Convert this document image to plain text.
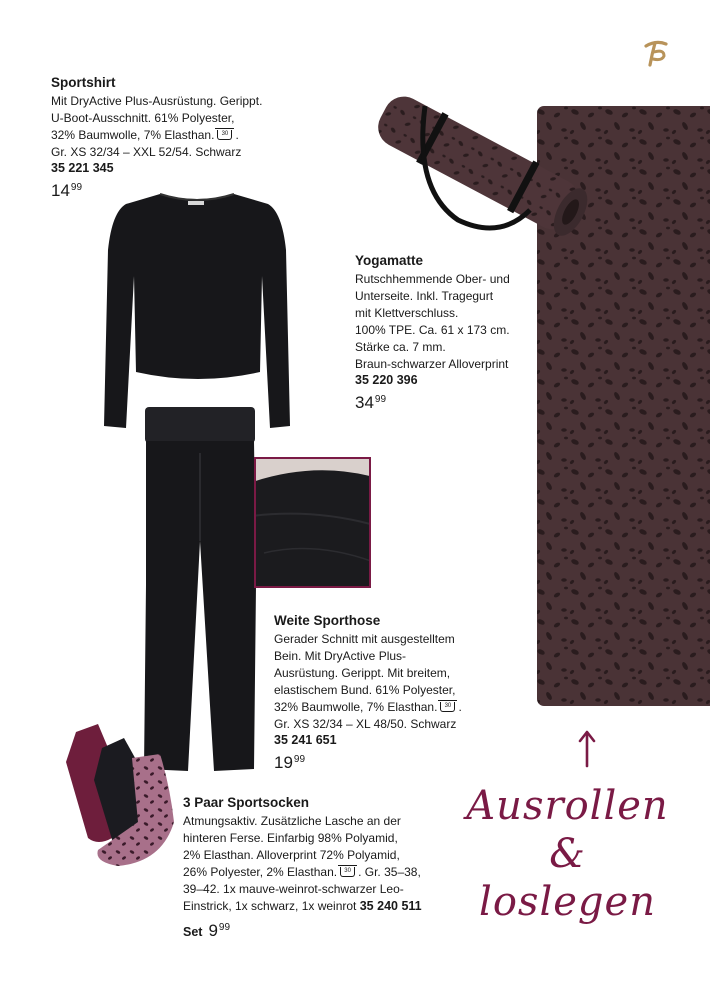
Sportshirt
Mit DryActive Plus-Ausrüstung. Gerippt.
U-Boot-Ausschnitt. 61% Polyester,
32% Baumwolle, 7% Elasthan. 30 .
Gr. XS 32/34 – XXL 52/54. Schwarz
35 221 345
$14^{99}$
Yogamatte
Rutschhemmende Ober- und
Unterseite. Inkl. Tragegurt
mit Klettverschluss.
100% TPE. Ca. 61 x 173 cm.
Stärke ca. 7 mm.
Braun-schwarzer Alloverprint
35 220 396
$34^{99}$
Weite Sporthose
Gerader Schnitt mit ausgestelltem
Bein. Mit DryActive Plus-
Ausrüstung. Gerippt. Mit breitem,
elastischem Bund. 61% Polyester,
32% Baumwolle, 7% Elasthan. 30 .
Gr. XS 32/34 – XL 48/50. Schwarz
35 241 651
$19^{99}$
3 Paar Sportsocken
Atmungsaktiv. Zusätzliche Lasche an der
hinteren Ferse. Einfarbig 98% Polyamid,
2% Elasthan. Alloverprint 72% Polyamid,
26% Polyester, 2% Elasthan. 30 . Gr. 35–38,
39–42. 1x mauve-weinrot-schwarzer Leo-
Einstrick, 1x schwarz, 1x weinrot 35 240 511
Set $9^{99}$
Ausrollen
& loslegen
